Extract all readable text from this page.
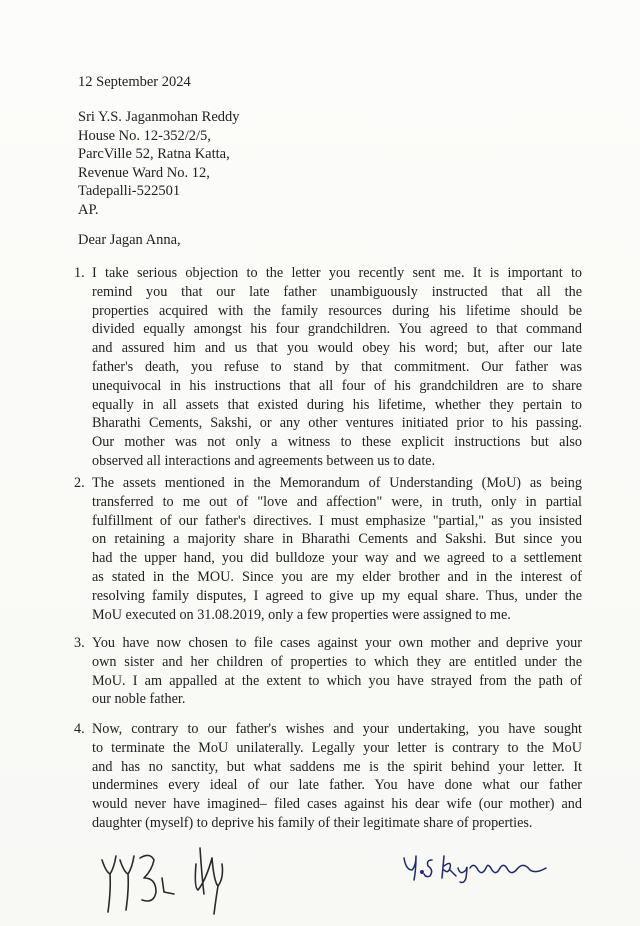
12 September 2024
Sri Y.S. Jaganmohan Reddy
House No. 12-352/2/5,
ParcVille 52, Ratna Katta,
Revenue Ward No. 12,
Tadepalli-522501
AP.
Dear Jagan Anna,
1. I take serious objection to the letter you recently sent me. It is important to
remind you that our late father unambiguously instructed that all the
properties acquired with the family resources during his lifetime should be
divided equally amongst his four grandchildren. You agreed to that command
and assured him and us that you would obey his word; but, after our late
father's death, you refuse to stand by that commitment. Our father was
unequivocal in his instructions that all four of his grandchildren are to share
equally in all assets that existed during his lifetime, whether they pertain to
Bharathi Cements, Sakshi, or any other ventures initiated prior to his passing.
Our mother was not only a witness to these explicit instructions but also
observed all interactions and agreements between us to date.
2. The assets mentioned in the Memorandum of Understanding (MoU) as being
transferred to me out of "love and affection" were, in truth, only in partial
fulfillment of our father's directives. I must emphasize "partial," as you insisted
on retaining a majority share in Bharathi Cements and Sakshi. But since you
had the upper hand, you did bulldoze your way and we agreed to a settlement
as stated in the MOU. Since you are my elder brother and in the interest of
resolving family disputes, I agreed to give up my equal share. Thus, under the
MoU executed on 31.08.2019, only a few properties were assigned to me.
3. You have now chosen to file cases against your own mother and deprive your
own sister and her children of properties to which they are entitled under the
MoU. I am appalled at the extent to which you have strayed from the path of
our noble father.
4. Now, contrary to our father's wishes and your undertaking, you have sought
to terminate the MoU unilaterally. Legally your letter is contrary to the MoU
and has no sanctity, but what saddens me is the spirit behind your letter. It
undermines every ideal of our late father. You have done what our father
would never have imagined– filed cases against his dear wife (our mother) and
daughter (myself) to deprive his family of their legitimate share of properties.
